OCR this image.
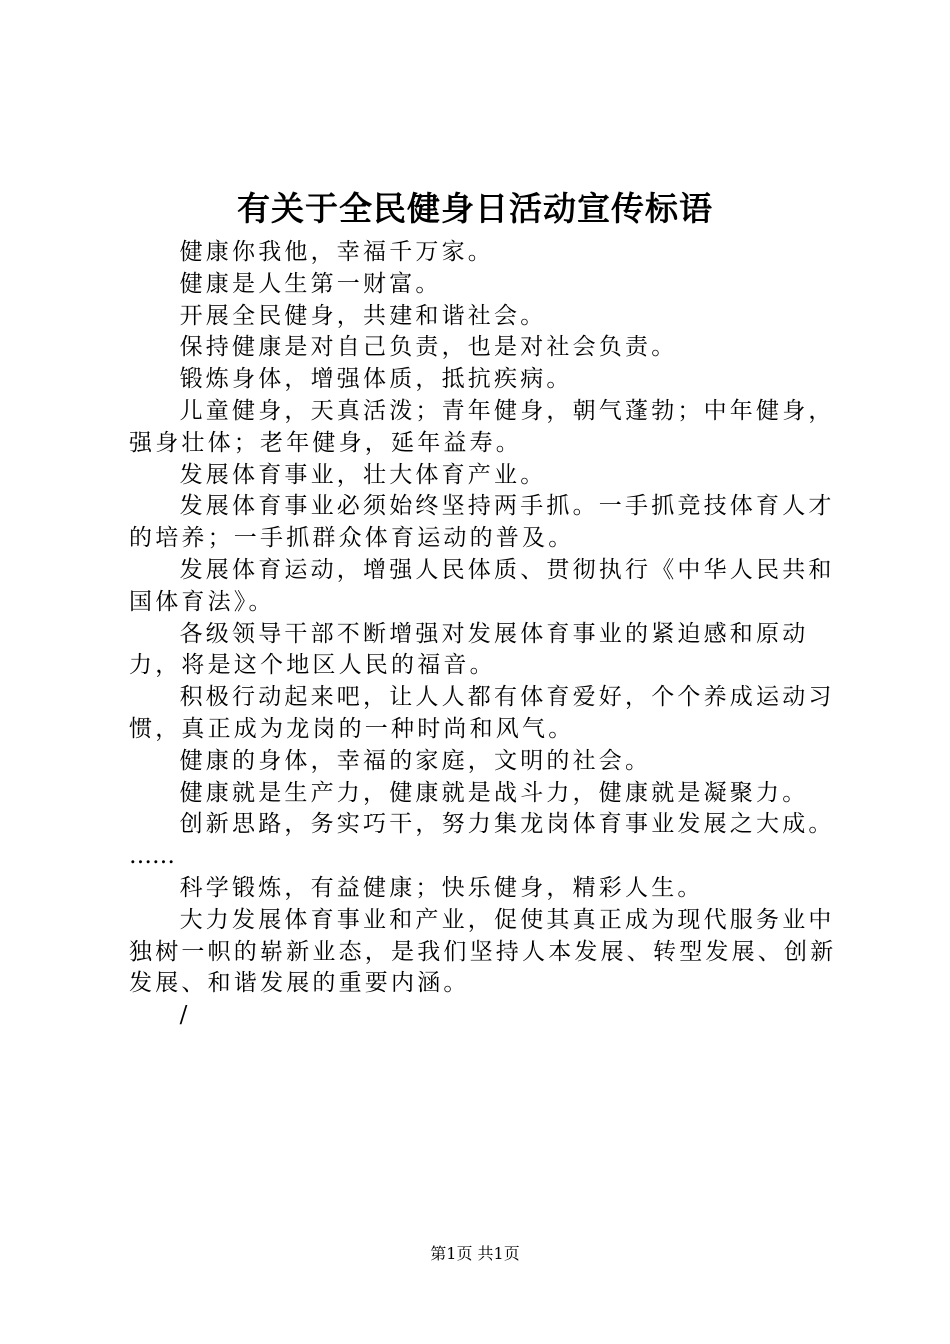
有关于全民健身日活动宣传标语

健康你我他，幸福千万家。

健康是人生第一财富。

开展全民健身，共建和谐社会。

保持健康是对自己负责，也是对社会负责。

锻炼身体，增强体质，抵抗疾病。

儿童健身，天真活泼；青年健身，朝气蓬勃；中年健身，强身壮体；老年健身，延年益寿。

发展体育事业，壮大体育产业。

发展体育事业必须始终坚持两手抓。一手抓竞技体育人才的培养；一手抓群众体育运动的普及。

发展体育运动，增强人民体质、贯彻执行《中华人民共和国体育法》。

各级领导干部不断增强对发展体育事业的紧迫感和原动力，将是这个地区人民的福音。

积极行动起来吧，让人人都有体育爱好，个个养成运动习惯，真正成为龙岗的一种时尚和风气。

健康的身体，幸福的家庭，文明的社会。

健康就是生产力，健康就是战斗力，健康就是凝聚力。

创新思路，务实巧干，努力集龙岗体育事业发展之大成。

……

科学锻炼，有益健康；快乐健身，精彩人生。

大力发展体育事业和产业，促使其真正成为现代服务业中独树一帜的崭新业态，是我们坚持人本发展、转型发展、创新发展、和谐发展的重要内涵。

/

第1页 共1页
